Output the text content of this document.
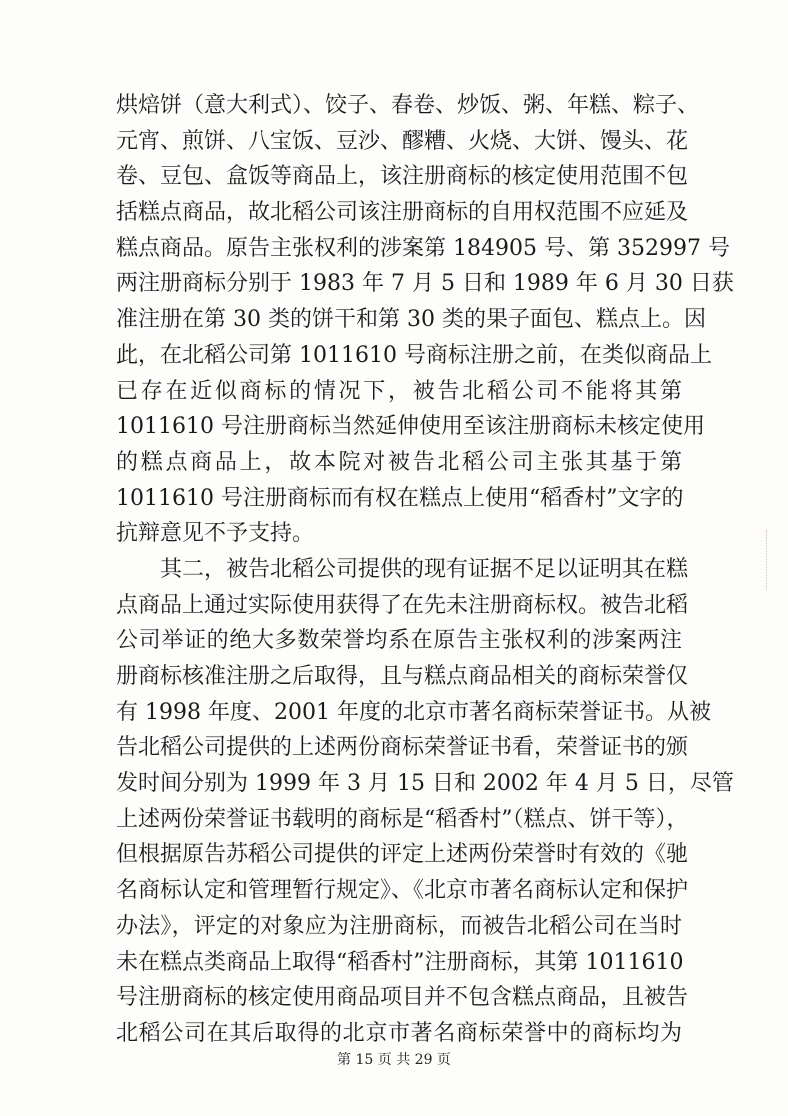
烘焙饼（意大利式）、饺子、春卷、炒饭、粥、年糕、粽子、
元宵、煎饼、八宝饭、豆沙、醪糟、火烧、大饼、馒头、花
卷、豆包、盒饭等商品上，该注册商标的核定使用范围不包
括糕点商品，故北稻公司该注册商标的自用权范围不应延及
糕点商品。原告主张权利的涉案第 184905 号、第 352997 号
两注册商标分别于 1983 年 7 月 5 日和 1989 年 6 月 30 日获
准注册在第 30 类的饼干和第 30 类的果子面包、糕点上。因
此，在北稻公司第 1011610 号商标注册之前，在类似商品上
已存在近似商标的情况下，被告北稻公司不能将其第
1011610 号注册商标当然延伸使用至该注册商标未核定使用
的糕点商品上，故本院对被告北稻公司主张其基于第
1011610 号注册商标而有权在糕点上使用“稻香村”文字的
抗辩意见不予支持。
其二，被告北稻公司提供的现有证据不足以证明其在糕
点商品上通过实际使用获得了在先未注册商标权。被告北稻
公司举证的绝大多数荣誉均系在原告主张权利的涉案两注
册商标核准注册之后取得，且与糕点商品相关的商标荣誉仅
有 1998 年度、2001 年度的北京市著名商标荣誉证书。从被
告北稻公司提供的上述两份商标荣誉证书看，荣誉证书的颁
发时间分别为 1999 年 3 月 15 日和 2002 年 4 月 5 日，尽管
上述两份荣誉证书载明的商标是“稻香村”（糕点、饼干等），
但根据原告苏稻公司提供的评定上述两份荣誉时有效的《驰
名商标认定和管理暂行规定》、《北京市著名商标认定和保护
办法》，评定的对象应为注册商标，而被告北稻公司在当时
未在糕点类商品上取得“稻香村”注册商标，其第 1011610
号注册商标的核定使用商品项目并不包含糕点商品，且被告
北稻公司在其后取得的北京市著名商标荣誉中的商标均为
第 15 页 共 29 页
